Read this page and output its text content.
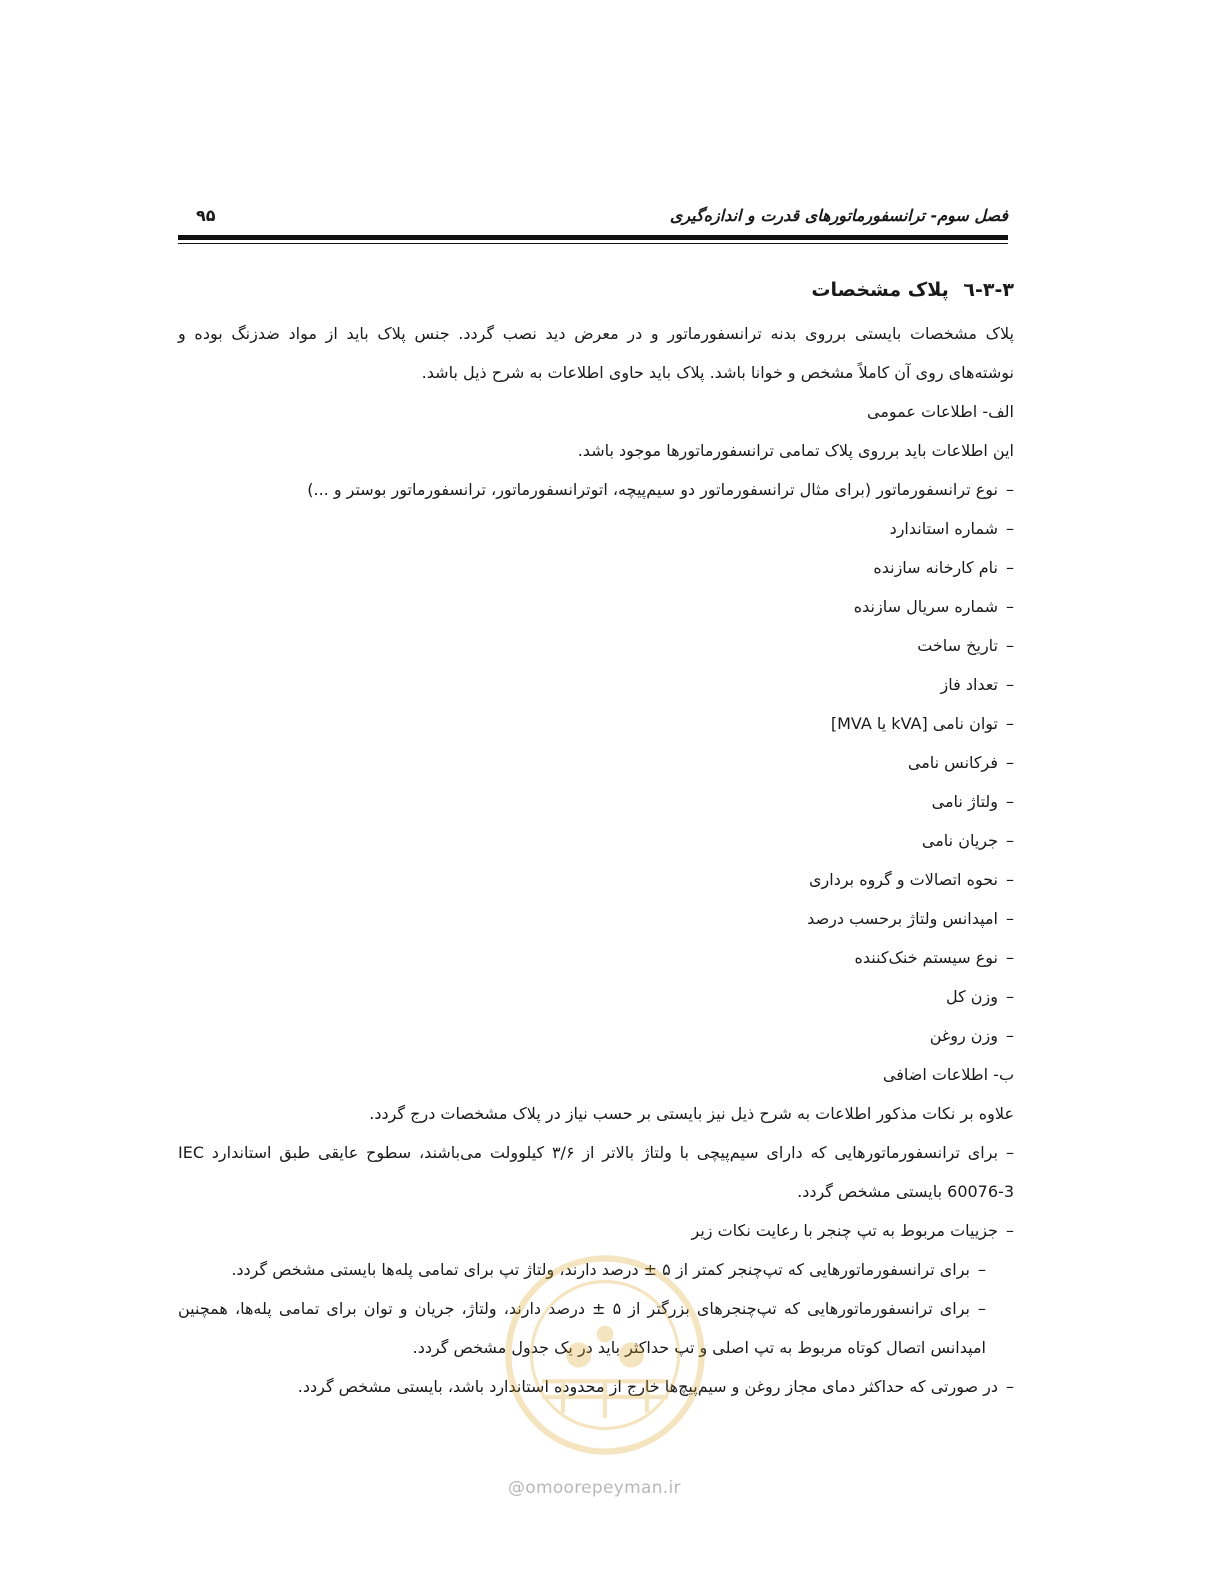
فصل سوم- ترانسفورماتورهای قدرت و اندازه‌گیری
۹۵

۳-۳-٦ پلاک مشخصات

پلاک مشخصات بایستی برروی بدنه ترانسفورماتور و در معرض دید نصب گردد. جنس پلاک باید از مواد ضدزنگ بوده و نوشته‌های روی آن کاملاً مشخص و خوانا باشد. پلاک باید حاوی اطلاعات به شرح ذیل باشد.

الف- اطلاعات عمومی

این اطلاعات باید برروی پلاک تمامی ترانسفورماتورها موجود باشد.

–نوع ترانسفورماتور (برای مثال ترانسفورماتور دو سیم‌پیچه، اتوترانسفورماتور، ترانسفورماتور بوستر و ...)

–شماره استاندارد

–نام کارخانه سازنده

–شماره سریال سازنده

–تاریخ ساخت

–تعداد فاز

–توان نامی [kVA یا MVA]

–فرکانس نامی

–ولتاژ نامی

–جریان نامی

–نحوه اتصالات و گروه برداری

–امپدانس ولتاژ برحسب درصد

–نوع سیستم خنک‌کننده

–وزن کل

–وزن روغن

ب- اطلاعات اضافی

علاوه بر نکات مذکور اطلاعات به شرح ذیل نیز بایستی بر حسب نیاز در پلاک مشخصات درج گردد.

–برای ترانسفورماتورهایی که دارای سیم‌پیچی با ولتاژ بالاتر از ۳/۶ کیلوولت می‌باشند، سطوح عایقی طبق استاندارد IEC 60076-3 بایستی مشخص گردد.

–جزییات مربوط به تپ چنجر با رعایت نکات زیر

–برای ترانسفورماتورهایی که تپ‌چنجر کمتر از ۵ ± درصد دارند، ولتاژ تپ برای تمامی پله‌ها بایستی مشخص گردد.

–برای ترانسفورماتورهایی که تپ‌چنجرهای بزرگتر از ۵ ± درصد دارند، ولتاژ، جریان و توان برای تمامی پله‌ها، همچنین امپدانس اتصال کوتاه مربوط به تپ اصلی و تپ حداکثر باید در یک جدول مشخص گردد.

–در صورتی که حداکثر دمای مجاز روغن و سیم‌پیچ‌ها خارج از محدوده استاندارد باشد، بایستی مشخص گردد.

@omoorepeyman.ir
